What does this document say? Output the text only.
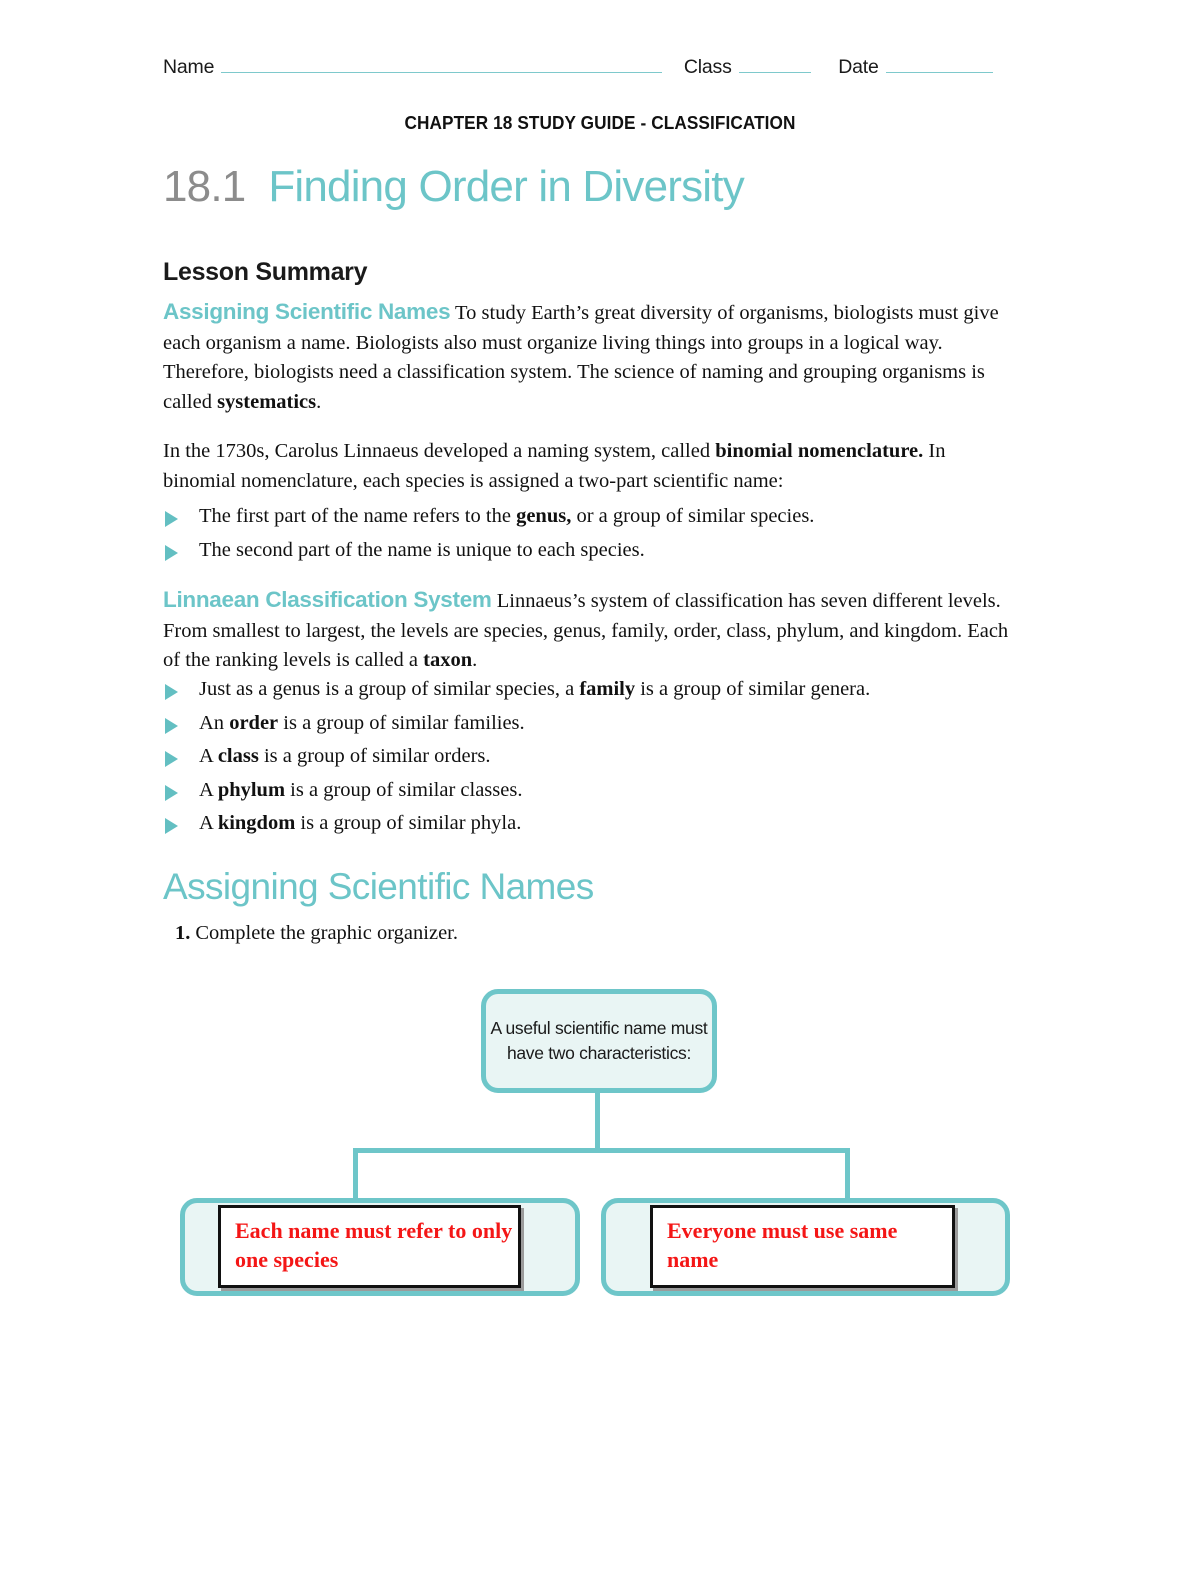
Name	Class	Date
CHAPTER 18 STUDY GUIDE - CLASSIFICATION
18.1 Finding Order in Diversity
Lesson Summary
Assigning Scientific Names To study Earth’s great diversity of organisms, biologists must give each organism a name. Biologists also must organize living things into groups in a logical way. Therefore, biologists need a classification system. The science of naming and grouping organisms is called systematics.
In the 1730s, Carolus Linnaeus developed a naming system, called binomial nomenclature. In binomial nomenclature, each species is assigned a two-part scientific name:
The first part of the name refers to the genus, or a group of similar species.
The second part of the name is unique to each species.
Linnaean Classification System Linnaeus’s system of classification has seven different levels. From smallest to largest, the levels are species, genus, family, order, class, phylum, and kingdom. Each of the ranking levels is called a taxon.
Just as a genus is a group of similar species, a family is a group of similar genera.
An order is a group of similar families.
A class is a group of similar orders.
A phylum is a group of similar classes.
A kingdom is a group of similar phyla.
Assigning Scientific Names
1. Complete the graphic organizer.
A useful scientific name must have two characteristics:
Each name must refer to only one species
Everyone must use same name
